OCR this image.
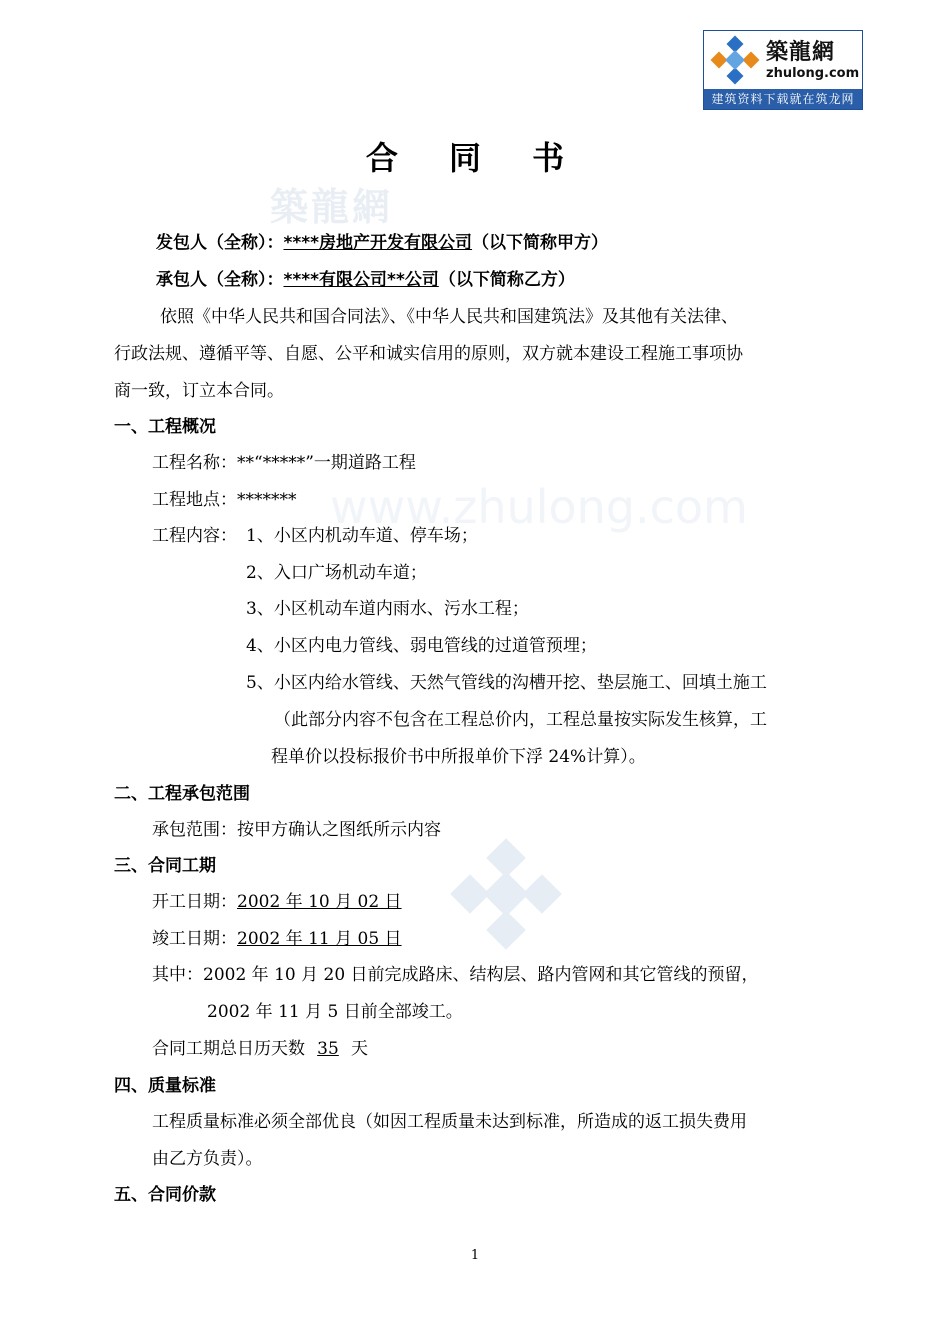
築龍網
zhulong.com
建筑资料下载就在筑龙网
築龍網
www.zhulong.com
合 同 书
发包人（全称）：****房地产开发有限公司（以下简称甲方）
承包人（全称）：****有限公司**公司（以下简称乙方）
依照《中华人民共和国合同法》、《中华人民共和国建筑法》及其他有关法律、
行政法规、遵循平等、自愿、公平和诚实信用的原则，双方就本建设工程施工事项协
商一致，订立本合同。
一、工程概况
工程名称：**“*****”一期道路工程
工程地点：*******
工程内容： 1、小区内机动车道、停车场；
2、入口广场机动车道；
3、小区机动车道内雨水、污水工程；
4、小区内电力管线、弱电管线的过道管预埋；
5、小区内给水管线、天然气管线的沟槽开挖、垫层施工、回填土施工
（此部分内容不包含在工程总价内，工程总量按实际发生核算，工
程单价以投标报价书中所报单价下浮 24%计算）。
二、工程承包范围
承包范围：按甲方确认之图纸所示内容
三、合同工期
开工日期：2002 年 10 月 02 日
竣工日期：2002 年 11 月 05 日
其中：2002 年 10 月 20 日前完成路床、结构层、路内管网和其它管线的预留，
2002 年 11 月 5 日前全部竣工。
合同工期总日历天数 35 天
四、质量标准
工程质量标准必须全部优良（如因工程质量未达到标准，所造成的返工损失费用
由乙方负责）。
五、合同价款
1
